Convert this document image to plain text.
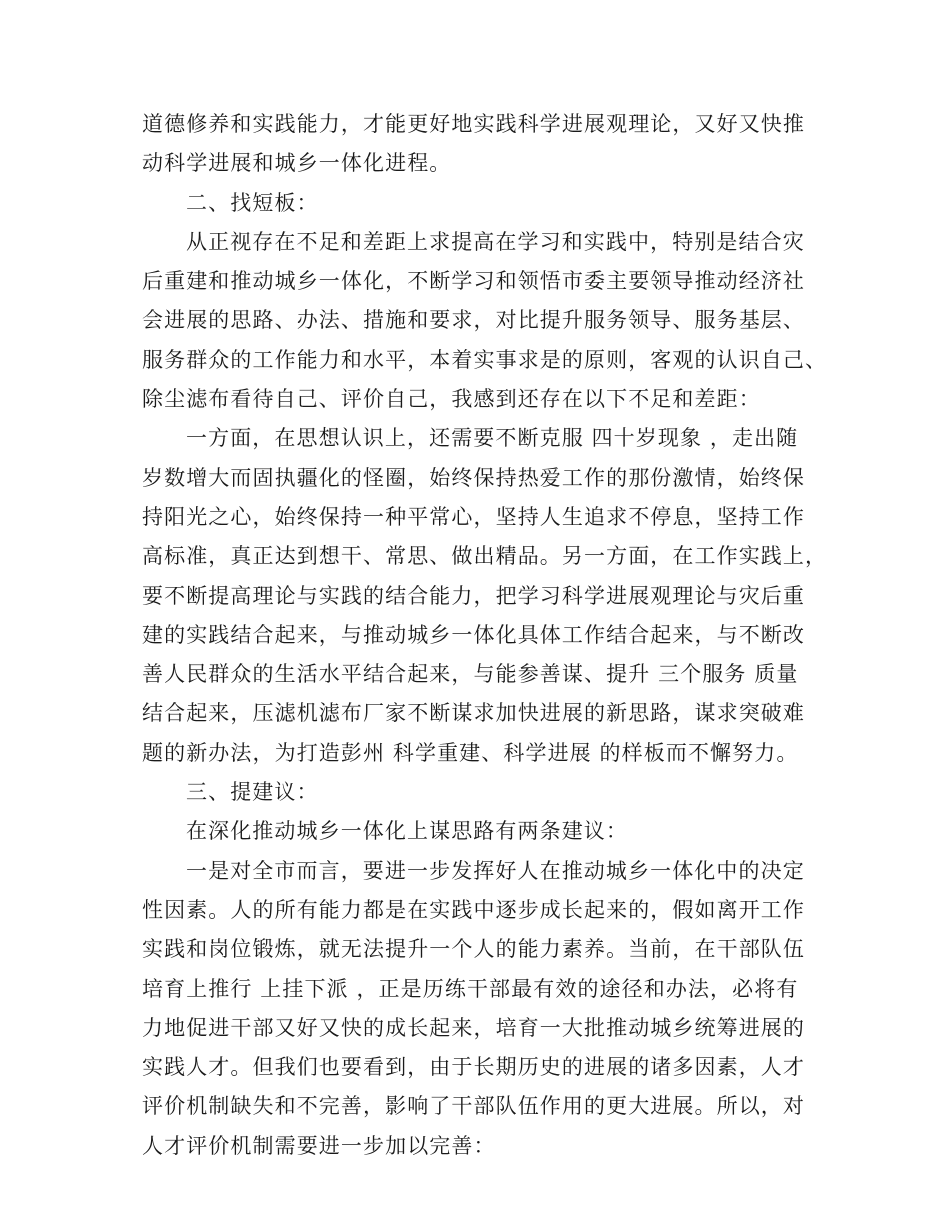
道德修养和实践能力，才能更好地实践科学进展观理论，又好又快推
动科学进展和城乡一体化进程。
二、找短板：
从正视存在不足和差距上求提高在学习和实践中，特别是结合灾
后重建和推动城乡一体化，不断学习和领悟市委主要领导推动经济社
会进展的思路、办法、措施和要求，对比提升服务领导、服务基层、
服务群众的工作能力和水平，本着实事求是的原则，客观的认识自己、
除尘滤布看待自己、评价自己，我感到还存在以下不足和差距：
一方面，在思想认识上，还需要不断克服 四十岁现象 ，走出随
岁数增大而固执疆化的怪圈，始终保持热爱工作的那份激情，始终保
持阳光之心，始终保持一种平常心，坚持人生追求不停息，坚持工作
高标准，真正达到想干、常思、做出精品。另一方面，在工作实践上，
要不断提高理论与实践的结合能力，把学习科学进展观理论与灾后重
建的实践结合起来，与推动城乡一体化具体工作结合起来，与不断改
善人民群众的生活水平结合起来，与能参善谋、提升 三个服务 质量
结合起来，压滤机滤布厂家不断谋求加快进展的新思路，谋求突破难
题的新办法，为打造彭州 科学重建、科学进展 的样板而不懈努力。
三、提建议：
在深化推动城乡一体化上谋思路有两条建议：
一是对全市而言，要进一步发挥好人在推动城乡一体化中的决定
性因素。人的所有能力都是在实践中逐步成长起来的，假如离开工作
实践和岗位锻炼，就无法提升一个人的能力素养。当前，在干部队伍
培育上推行 上挂下派 ，正是历练干部最有效的途径和办法，必将有
力地促进干部又好又快的成长起来，培育一大批推动城乡统筹进展的
实践人才。但我们也要看到，由于长期历史的进展的诸多因素，人才
评价机制缺失和不完善，影响了干部队伍作用的更大进展。所以，对
人才评价机制需要进一步加以完善：
